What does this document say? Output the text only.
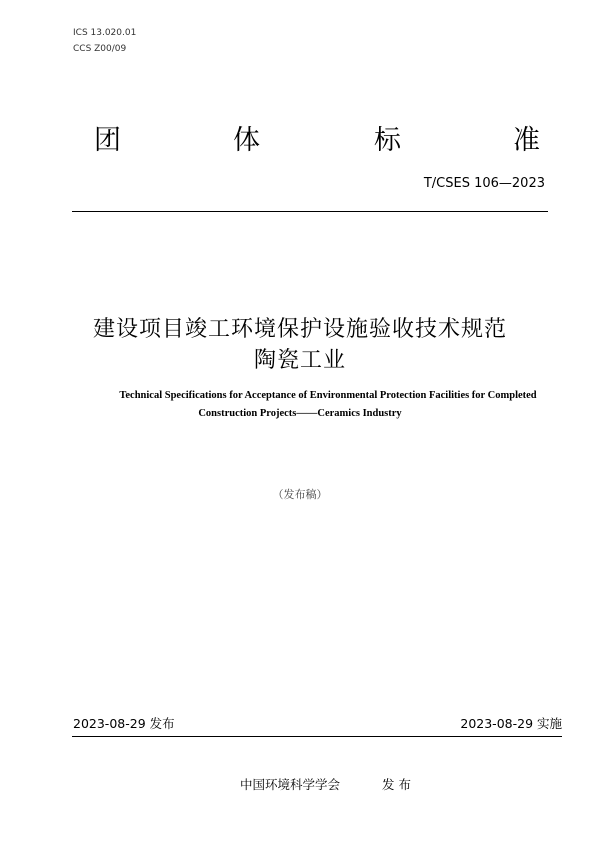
ICS 13.020.01
CCS Z00/09
团	体	标	准
T/CSES 106—2023
建设项目竣工环境保护设施验收技术规范
陶瓷工业
Technical Specifications for Acceptance of Environmental Protection Facilities for Completed
Construction Projects——Ceramics Industry
（发布稿）
2023-08-29 发布	2023-08-29 实施
中国环境科学学会	发 布
